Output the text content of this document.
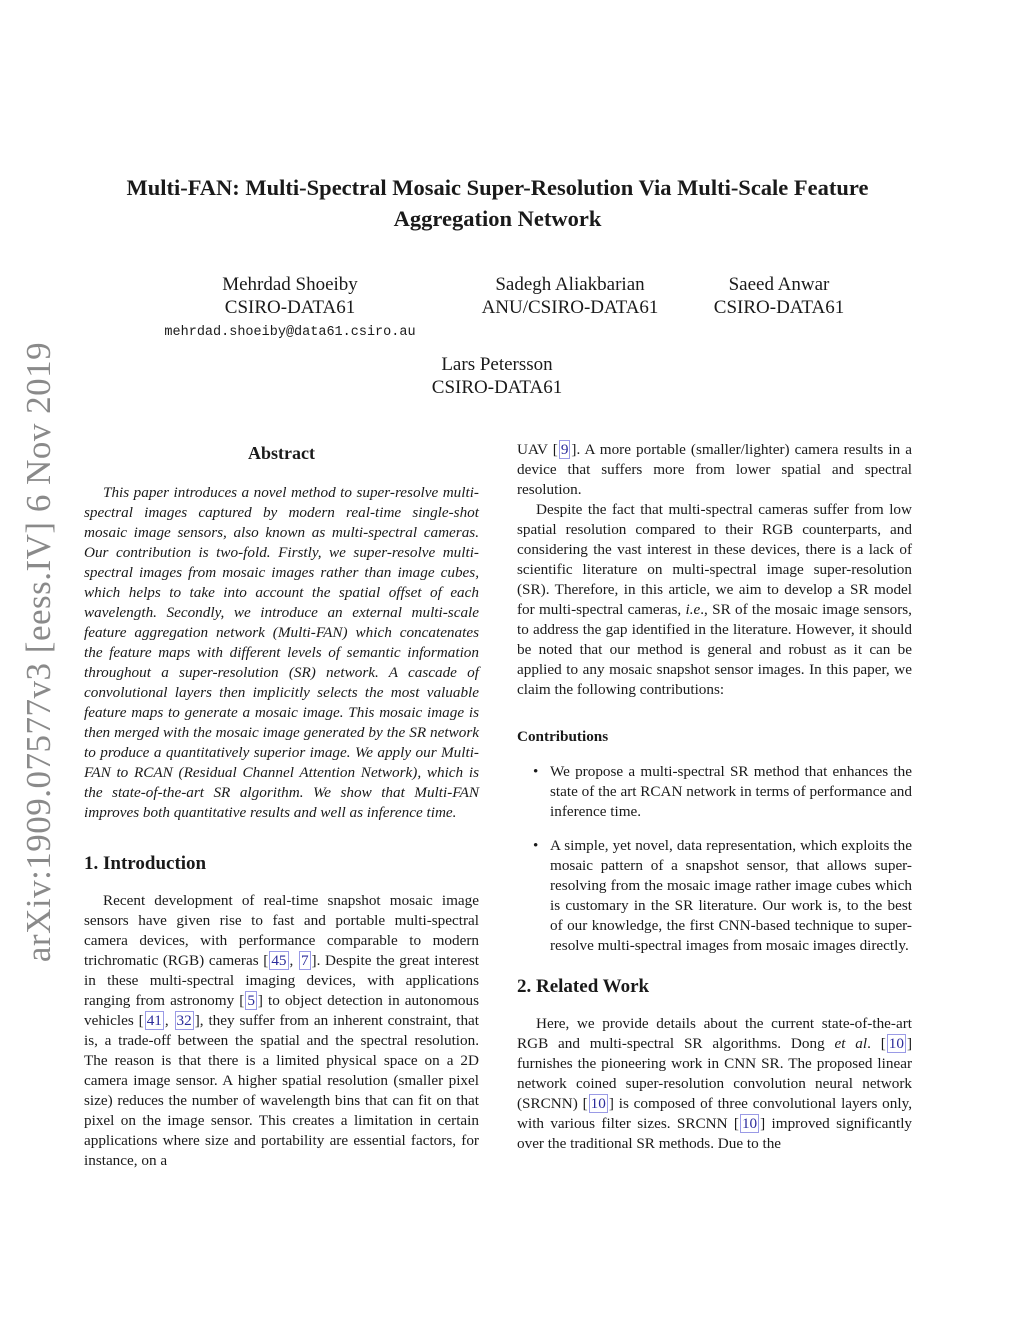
arXiv:1909.07577v3 [eess.IV] 6 Nov 2019
Multi-FAN: Multi-Spectral Mosaic Super-Resolution Via Multi-Scale Feature Aggregation Network
Mehrdad Shoeiby
CSIRO-DATA61
mehrdad.shoeiby@data61.csiro.au
Sadegh Aliakbarian
ANU/CSIRO-DATA61
Saeed Anwar
CSIRO-DATA61
Lars Petersson
CSIRO-DATA61
Abstract

This paper introduces a novel method to super-resolve multi-spectral images captured by modern real-time single-shot mosaic image sensors, also known as multi-spectral cameras. Our contribution is two-fold. Firstly, we super-resolve multi-spectral images from mosaic images rather than image cubes, which helps to take into account the spatial offset of each wavelength. Secondly, we introduce an external multi-scale feature aggregation network (Multi-FAN) which concatenates the feature maps with different levels of semantic information throughout a super-resolution (SR) network. A cascade of convolutional layers then implicitly selects the most valuable feature maps to generate a mosaic image. This mosaic image is then merged with the mosaic image generated by the SR network to produce a quantitatively superior image. We apply our Multi-FAN to RCAN (Residual Channel Attention Network), which is the state-of-the-art SR algorithm. We show that Multi-FAN improves both quantitative results and well as inference time.

1. Introduction

Recent development of real-time snapshot mosaic image sensors have given rise to fast and portable multi-spectral camera devices, with performance comparable to modern trichromatic (RGB) cameras [ 45 , 7 ]. Despite the great interest in these multi-spectral imaging devices, with applications ranging from astronomy [ 5 ] to object detection in autonomous vehicles [ 41 , 32 ], they suffer from an inherent constraint, that is, a trade-off between the spatial and the spectral resolution. The reason is that there is a limited physical space on a 2D camera image sensor. A higher spatial resolution (smaller pixel size) reduces the number of wavelength bins that can fit on that pixel on the image sensor. This creates a limitation in certain applications where size and portability are essential factors, for instance, on a

UAV [ 9 ]. A more portable (smaller/lighter) camera results in a device that suffers more from lower spatial and spectral resolution.

Despite the fact that multi-spectral cameras suffer from low spatial resolution compared to their RGB counterparts, and considering the vast interest in these devices, there is a lack of scientific literature on multi-spectral image super-resolution (SR). Therefore, in this article, we aim to develop a SR model for multi-spectral cameras, i.e., SR of the mosaic image sensors, to address the gap identified in the literature. However, it should be noted that our method is general and robust as it can be applied to any mosaic snapshot sensor images. In this paper, we claim the following contributions:

Contributions
• We propose a multi-spectral SR method that enhances the state of the art RCAN network in terms of performance and inference time.
• A simple, yet novel, data representation, which exploits the mosaic pattern of a snapshot sensor, that allows super-resolving from the mosaic image rather image cubes which is customary in the SR literature. Our work is, to the best of our knowledge, the first CNN-based technique to super-resolve multi-spectral images from mosaic images directly.
2. Related Work

Here, we provide details about the current state-of-the-art RGB and multi-spectral SR algorithms. Dong et al. [ 10 ] furnishes the pioneering work in CNN SR. The proposed linear network coined super-resolution convolution neural network (SRCNN) [ 10 ] is composed of three convolutional layers only, with various filter sizes. SRCNN [ 10 ] improved significantly over the traditional SR methods. Due to the
